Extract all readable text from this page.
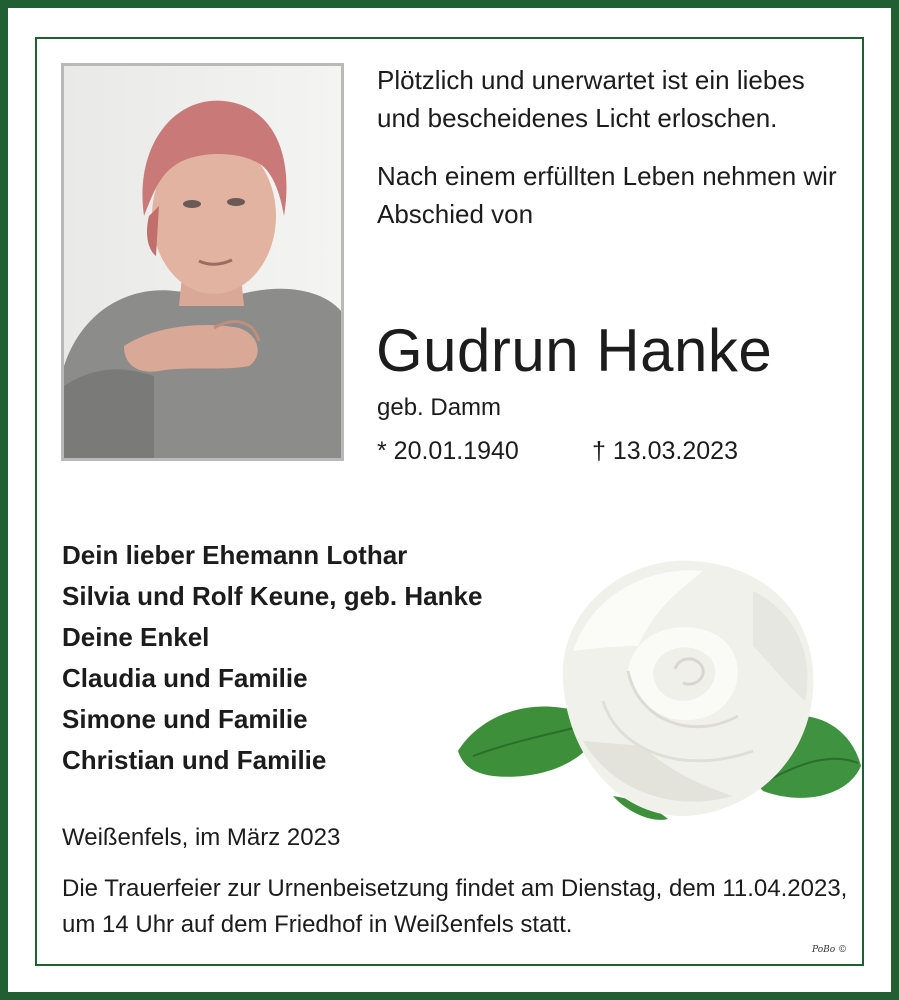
Plötzlich und unerwartet ist ein liebes und bescheidenes Licht erloschen.

Nach einem erfüllten Leben nehmen wir Abschied von

Gudrun Hanke
geb. Damm
* 20.01.1940	† 13.03.2023
Dein lieber Ehemann Lothar
Silvia und Rolf Keune, geb. Hanke
Deine Enkel
Claudia und Familie
Simone und Familie
Christian und Familie
Weißenfels, im März 2023
Die Trauerfeier zur Urnenbeisetzung findet am Dienstag, dem 11.04.2023, um 14 Uhr auf dem Friedhof in Weißenfels statt.
PoBo ©
